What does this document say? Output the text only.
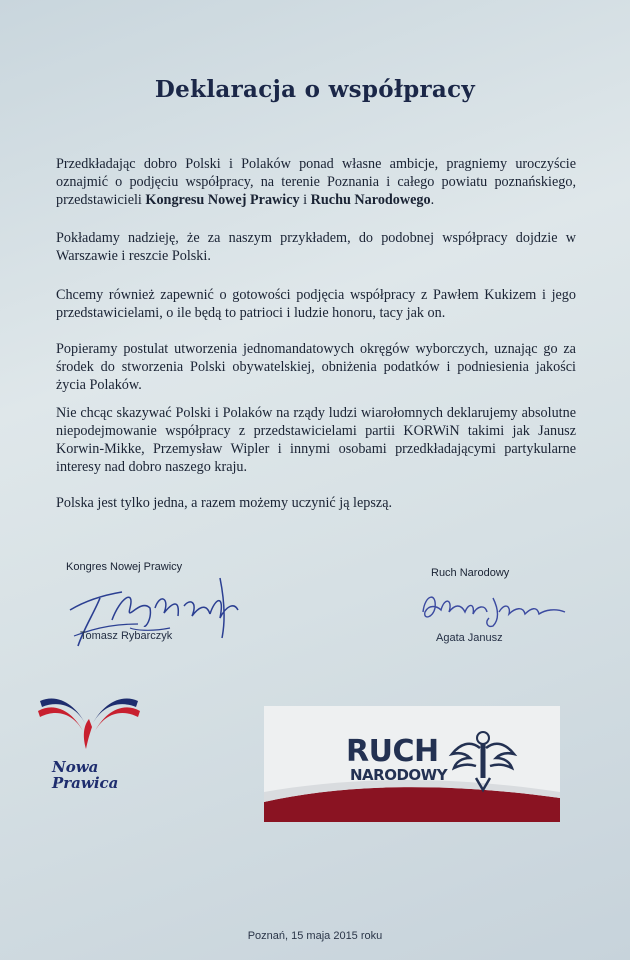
Deklaracja o współpracy
Przedkładając dobro Polski i Polaków ponad własne ambicje, pragniemy uroczyście oznajmić o podjęciu współpracy, na terenie Poznania i całego powiatu poznańskiego, przedstawicieli Kongresu Nowej Prawicy i Ruchu Narodowego.
Pokładamy nadzieję, że za naszym przykładem, do podobnej współpracy dojdzie w Warszawie i reszcie Polski.
Chcemy również zapewnić o gotowości podjęcia współpracy z Pawłem Kukizem i jego przedstawicielami, o ile będą to patrioci i ludzie honoru, tacy jak on.
Popieramy postulat utworzenia jednomandatowych okręgów wyborczych, uznając go za środek do stworzenia Polski obywatelskiej, obniżenia podatków i podniesienia jakości życia Polaków.
Nie chcąc skazywać Polski i Polaków na rządy ludzi wiarołomnych deklarujemy absolutne niepodejmowanie współpracy z przedstawicielami partii KORWiN takimi jak Janusz Korwin-Mikke, Przemysław Wipler i innymi osobami przedkładającymi partykularne interesy nad dobro naszego kraju.
Polska jest tylko jedna, a razem możemy uczynić ją lepszą.
Kongres Nowej Prawicy
Tomasz Rybarczyk
Ruch Narodowy
Agata Janusz
Nowa
Prawica
RUCH
NARODOWY
Poznań, 15 maja 2015 roku
